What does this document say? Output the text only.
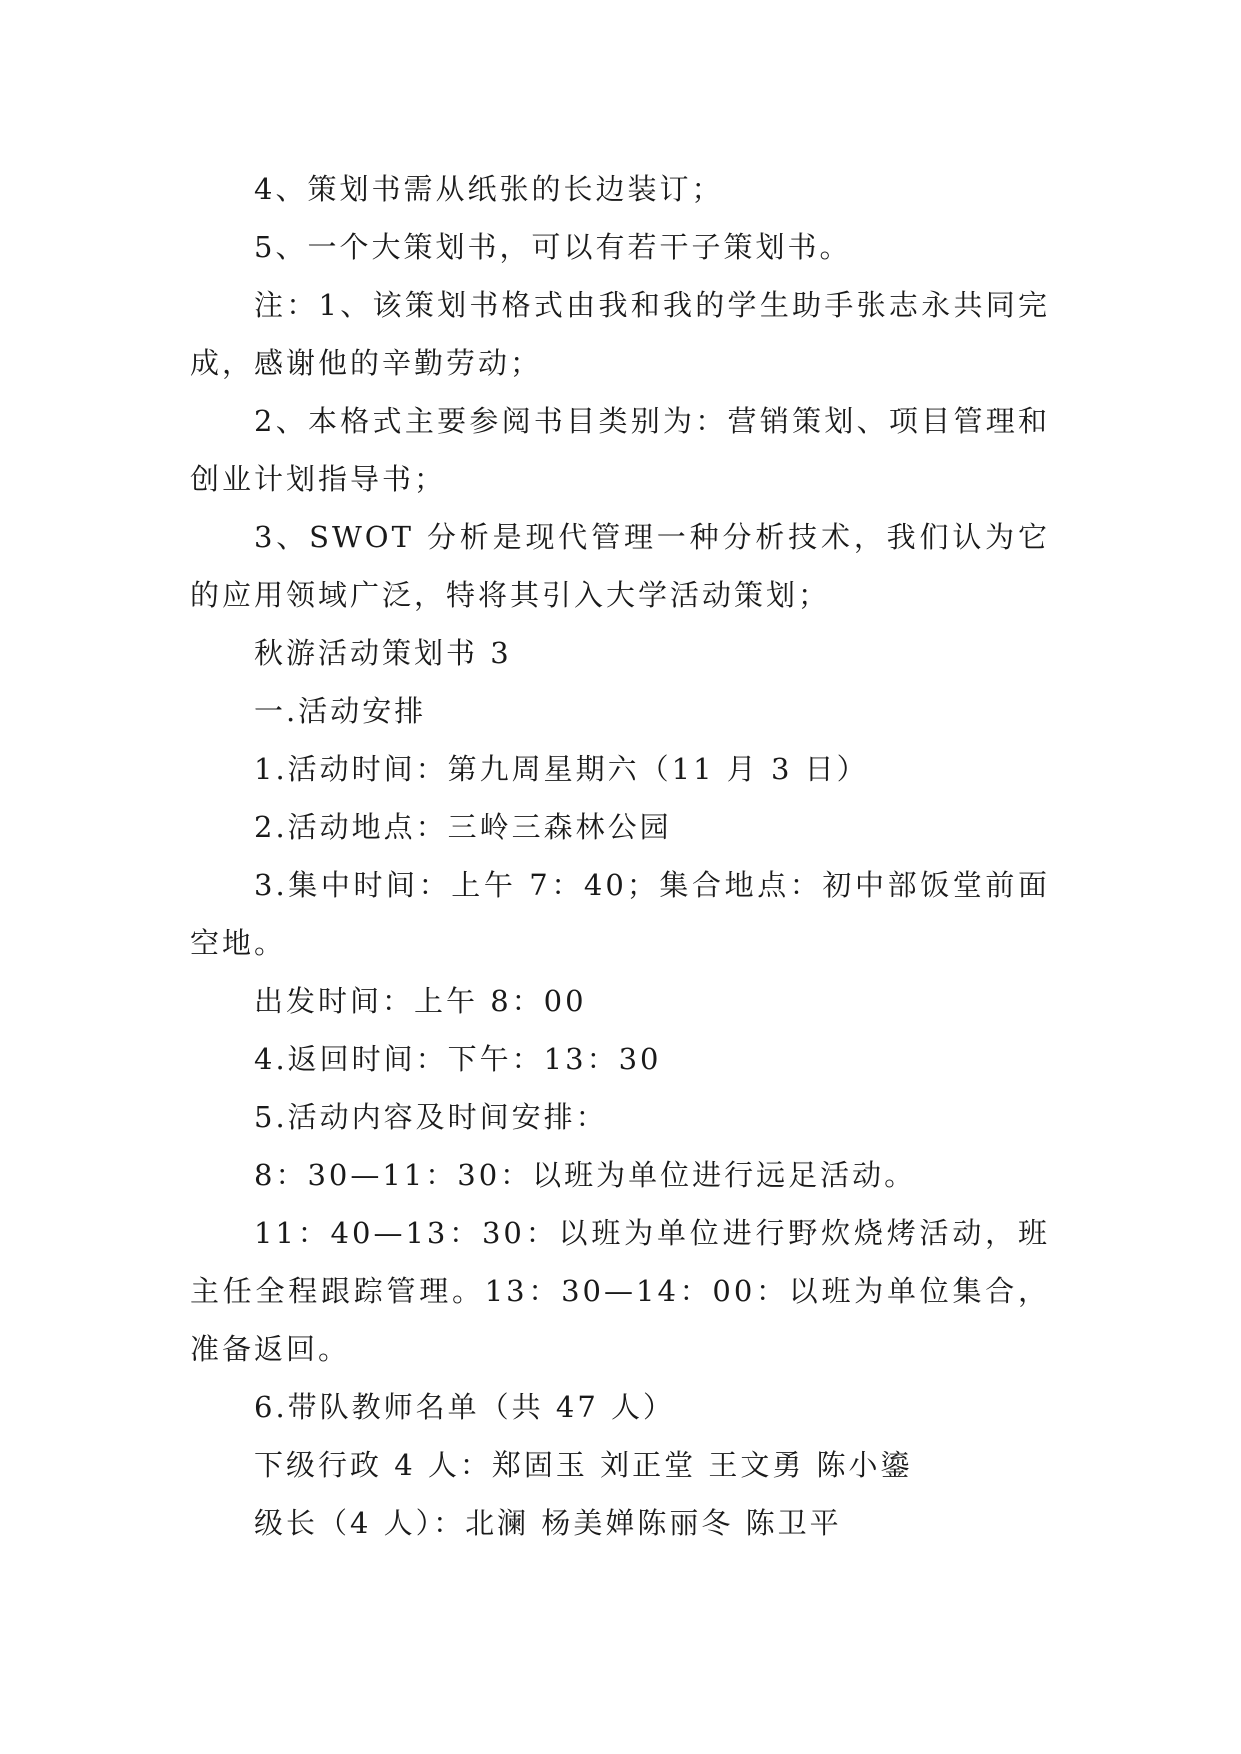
4、策划书需从纸张的长边装订；

5、一个大策划书，可以有若干子策划书。

注：1、该策划书格式由我和我的学生助手张志永共同完成，感谢他的辛勤劳动；

2、本格式主要参阅书目类别为：营销策划、项目管理和创业计划指导书；

3、SWOT 分析是现代管理一种分析技术，我们认为它的应用领域广泛，特将其引入大学活动策划；

秋游活动策划书 3

一.活动安排

1.活动时间：第九周星期六（11 月 3 日）

2.活动地点：三岭三森林公园

3.集中时间：上午 7：40；集合地点：初中部饭堂前面空地。

出发时间：上午 8：00

4.返回时间：下午：13：30

5.活动内容及时间安排：

8：30—11：30：以班为单位进行远足活动。

11：40—13：30：以班为单位进行野炊烧烤活动，班主任全程跟踪管理。13：30—14：00：以班为单位集合，准备返回。

6.带队教师名单（共 47 人）

下级行政 4 人：郑固玉 刘正堂 王文勇 陈小鎏

级长（4 人）：北澜 杨美婵陈丽冬 陈卫平
